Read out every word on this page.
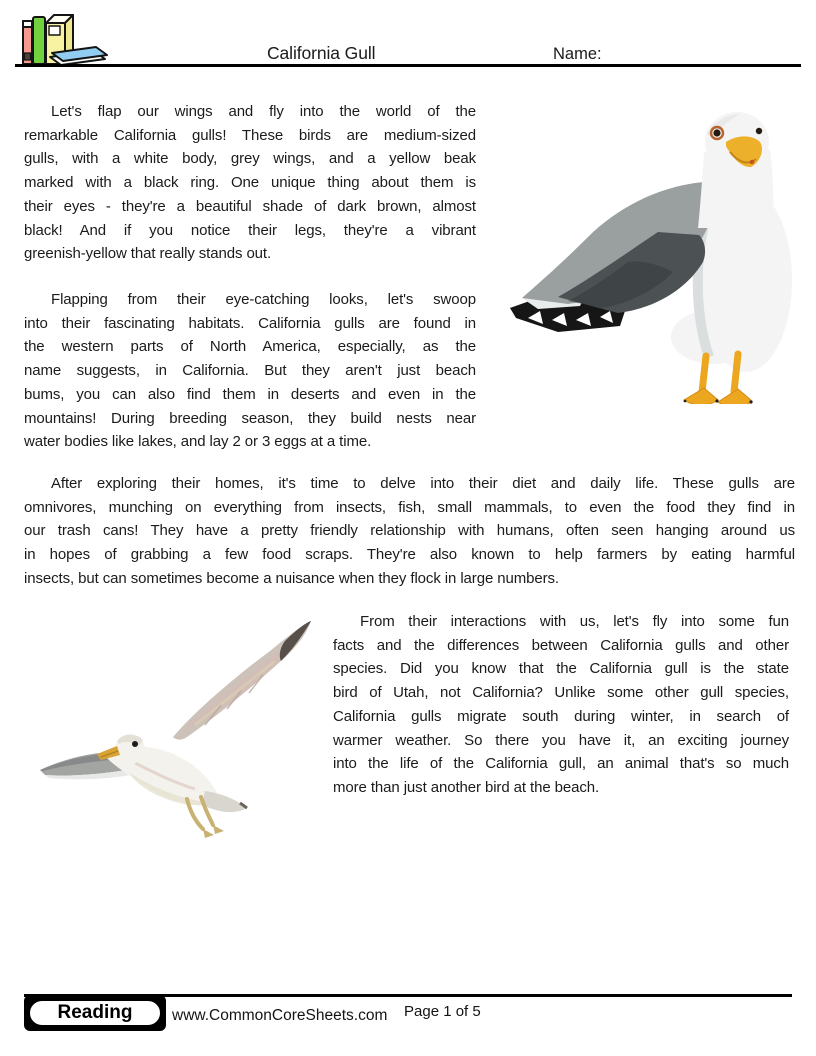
California Gull	Name:
Let's flap our wings and fly into the world of the
remarkable California gulls! These birds are medium-sized
gulls, with a white body, grey wings, and a yellow beak
marked with a black ring. One unique thing about them is
their eyes - they're a beautiful shade of dark brown, almost
black! And if you notice their legs, they're a vibrant
greenish-yellow that really stands out.
Flapping from their eye-catching looks, let's swoop
into their fascinating habitats. California gulls are found in
the western parts of North America, especially, as the
name suggests, in California. But they aren't just beach
bums, you can also find them in deserts and even in the
mountains! During breeding season, they build nests near
water bodies like lakes, and lay 2 or 3 eggs at a time.
After exploring their homes, it's time to delve into their diet and daily life. These gulls are
omnivores, munching on everything from insects, fish, small mammals, to even the food they find in
our trash cans! They have a pretty friendly relationship with humans, often seen hanging around us
in hopes of grabbing a few food scraps. They're also known to help farmers by eating harmful
insects, but can sometimes become a nuisance when they flock in large numbers.
From their interactions with us, let's fly into some fun
facts and the differences between California gulls and other
species. Did you know that the California gull is the state
bird of Utah, not California? Unlike some other gull species,
California gulls migrate south during winter, in search of
warmer weather. So there you have it, an exciting journey
into the life of the California gull, an animal that's so much
more than just another bird at the beach.
Reading	www.CommonCoreSheets.com Page 1 of 5
